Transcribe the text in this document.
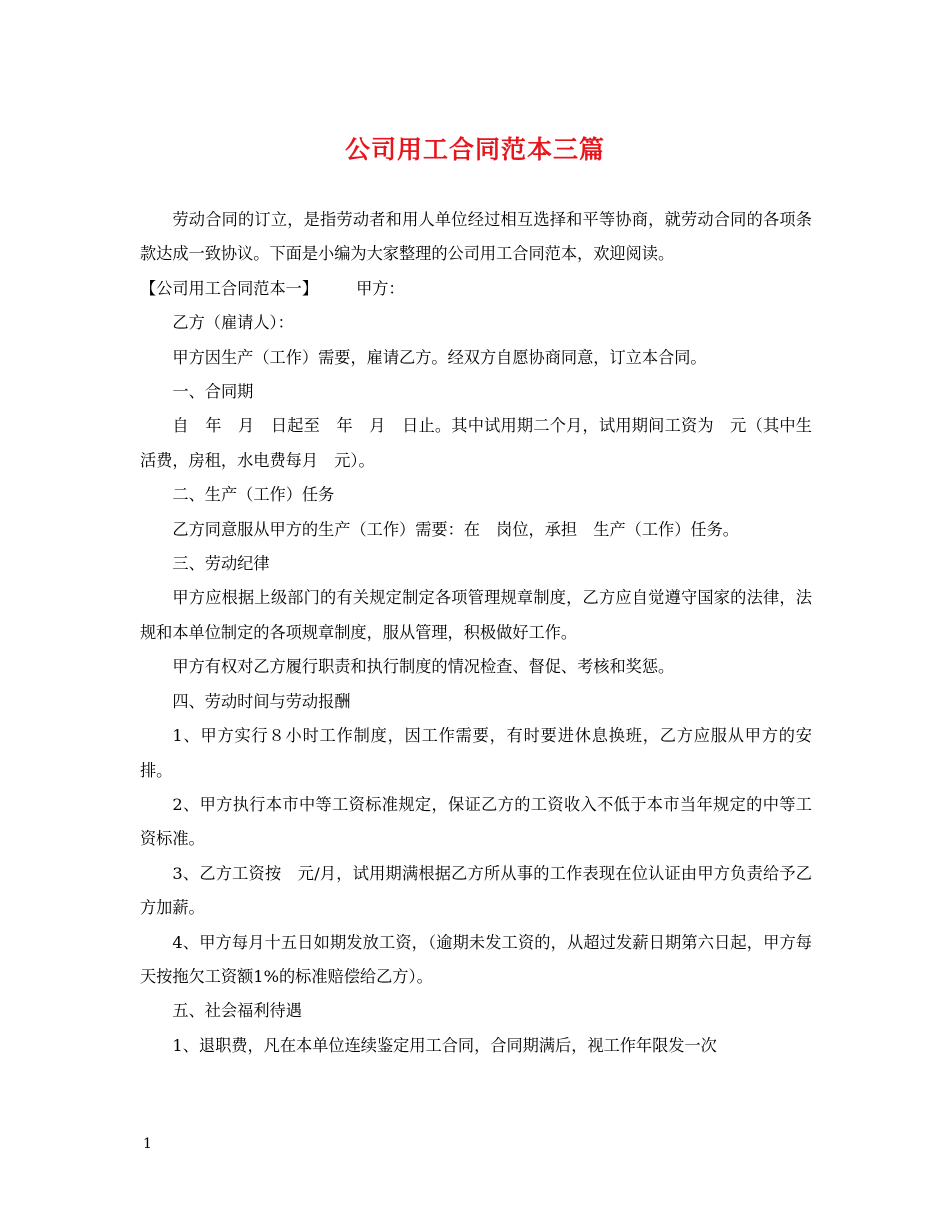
公司用工合同范本三篇

劳动合同的订立，是指劳动者和用人单位经过相互选择和平等协商，就劳动合同的各项条款达成一致协议。下面是小编为大家整理的公司用工合同范本，欢迎阅读。

【公司用工合同范本一】 甲方：

乙方（雇请人）：

甲方因生产（工作）需要，雇请乙方。经双方自愿协商同意，订立本合同。

一、合同期

自　年　月　日起至　年　月　日止。其中试用期二个月，试用期间工资为　元（其中生活费，房租，水电费每月　元）。

二、生产（工作）任务

乙方同意服从甲方的生产（工作）需要：在　岗位，承担　生产（工作）任务。

三、劳动纪律

甲方应根据上级部门的有关规定制定各项管理规章制度，乙方应自觉遵守国家的法律，法规和本单位制定的各项规章制度，服从管理，积极做好工作。

甲方有权对乙方履行职责和执行制度的情况检查、督促、考核和奖惩。

四、劳动时间与劳动报酬

1、甲方实行８小时工作制度，因工作需要，有时要进休息换班，乙方应服从甲方的安排。

2、甲方执行本市中等工资标准规定，保证乙方的工资收入不低于本市当年规定的中等工资标准。

3、乙方工资按　元/月，试用期满根据乙方所从事的工作表现在位认证由甲方负责给予乙方加薪。

4、甲方每月十五日如期发放工资，（逾期未发工资的，从超过发薪日期第六日起，甲方每天按拖欠工资额1%的标准赔偿给乙方）。

五、社会福利待遇

1、退职费，凡在本单位连续鉴定用工合同，合同期满后，视工作年限发一次

1
